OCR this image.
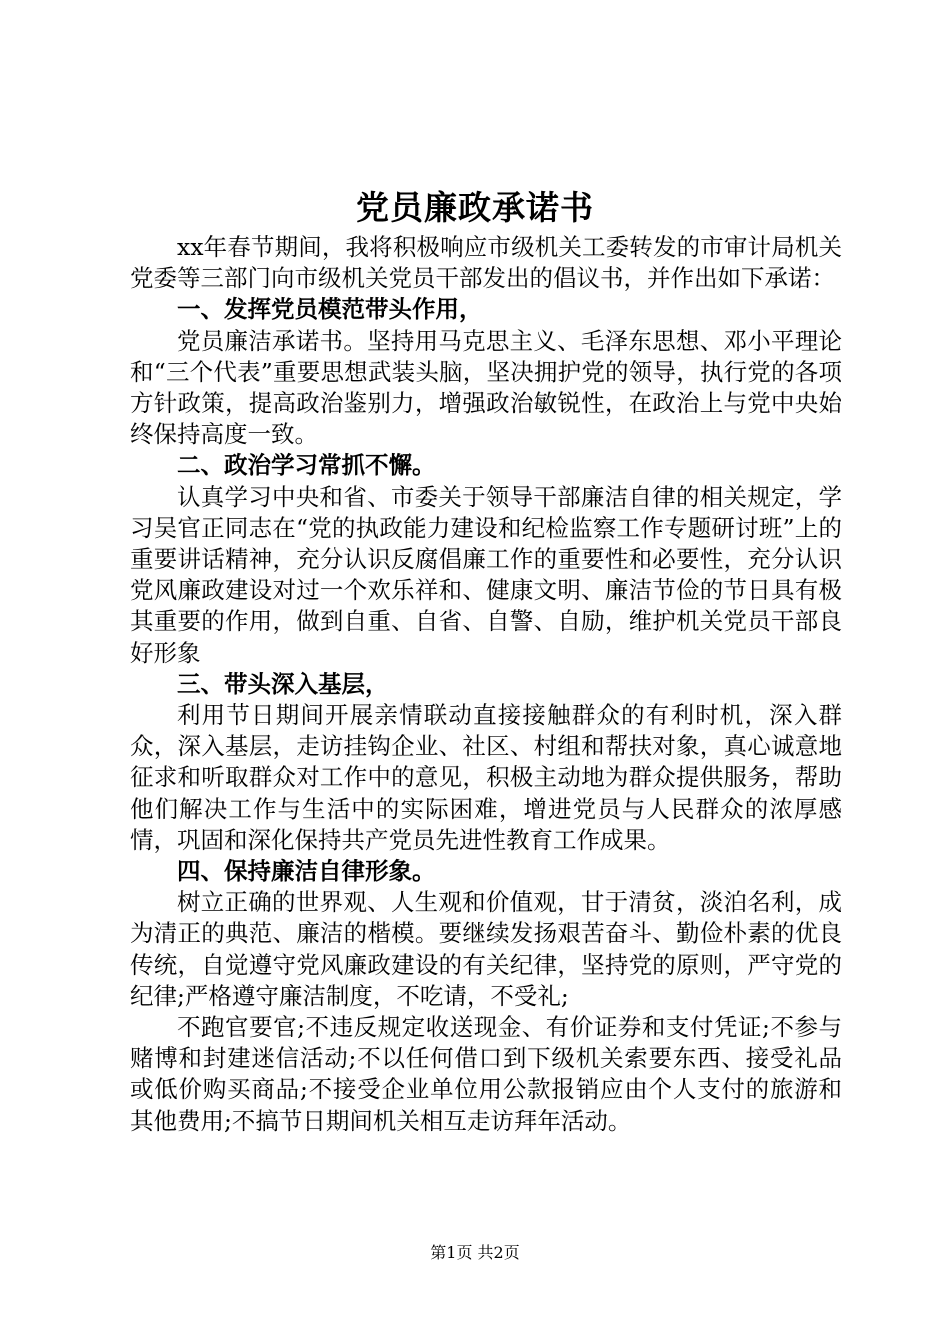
党员廉政承诺书

xx年春节期间，我将积极响应市级机关工委转发的市审计局机关党委等三部门向市级机关党员干部发出的倡议书，并作出如下承诺：

一、发挥党员模范带头作用，

党员廉洁承诺书。坚持用马克思主义、毛泽东思想、邓小平理论和“三个代表”重要思想武装头脑，坚决拥护党的领导，执行党的各项方针政策，提高政治鉴别力，增强政治敏锐性，在政治上与党中央始终保持高度一致。

二、政治学习常抓不懈。

认真学习中央和省、市委关于领导干部廉洁自律的相关规定，学习吴官正同志在“党的执政能力建设和纪检监察工作专题研讨班”上的重要讲话精神，充分认识反腐倡廉工作的重要性和必要性，充分认识党风廉政建设对过一个欢乐祥和、健康文明、廉洁节俭的节日具有极其重要的作用，做到自重、自省、自警、自励，维护机关党员干部良好形象

三、带头深入基层，

利用节日期间开展亲情联动直接接触群众的有利时机，深入群众，深入基层，走访挂钩企业、社区、村组和帮扶对象，真心诚意地征求和听取群众对工作中的意见，积极主动地为群众提供服务，帮助他们解决工作与生活中的实际困难，增进党员与人民群众的浓厚感情，巩固和深化保持共产党员先进性教育工作成果。

四、保持廉洁自律形象。

树立正确的世界观、人生观和价值观，甘于清贫，淡泊名利，成为清正的典范、廉洁的楷模。要继续发扬艰苦奋斗、勤俭朴素的优良传统，自觉遵守党风廉政建设的有关纪律，坚持党的原则，严守党的纪律;严格遵守廉洁制度，不吃请，不受礼;

不跑官要官;不违反规定收送现金、有价证券和支付凭证;不参与赌博和封建迷信活动;不以任何借口到下级机关索要东西、接受礼品或低价购买商品;不接受企业单位用公款报销应由个人支付的旅游和其他费用;不搞节日期间机关相互走访拜年活动。

第1页 共2页
